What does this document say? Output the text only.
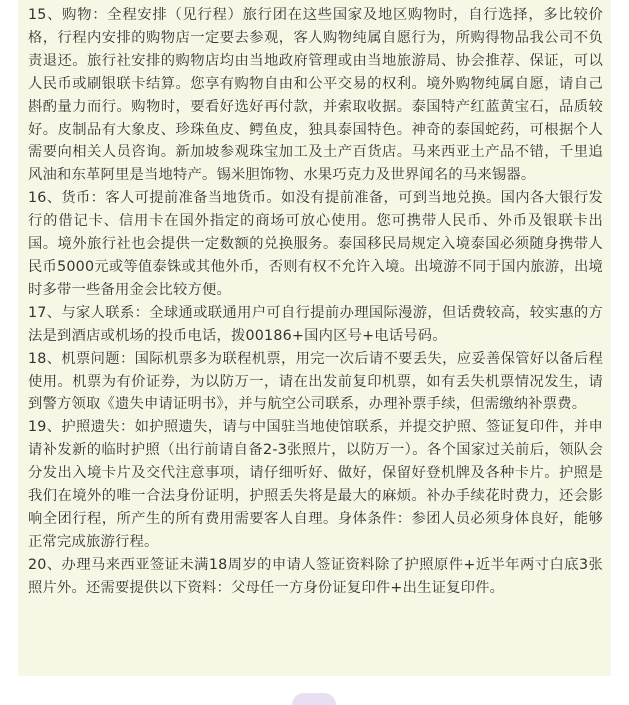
15、购物：全程安排（见行程）旅行团在这些国家及地区购物时，自行选择，多比较价格，行程内安排的购物店一定要去参观，客人购物纯属自愿行为，所购得物品我公司不负责退还。旅行社安排的购物店均由当地政府管理或由当地旅游局、协会推荐、保证，可以人民币或刷银联卡结算。您享有购物自由和公平交易的权利。境外购物纯属自愿，请自己斟酌量力而行。购物时，要看好选好再付款，并索取收据。泰国特产红蓝黄宝石，品质较好。皮制品有大象皮、珍珠鱼皮、鳄鱼皮，独具泰国特色。神奇的泰国蛇药，可根据个人需要向相关人员咨询。新加坡参观珠宝加工及土产百货店。马来西亚土产品不错，千里追风油和东革阿里是当地特产。锡米胆饰物、水果巧克力及世界闻名的马来锡器。

16、货币：客人可提前准备当地货币。如没有提前准备，可到当地兑换。国内各大银行发行的借记卡、信用卡在国外指定的商场可放心使用。您可携带人民币、外币及银联卡出国。境外旅行社也会提供一定数额的兑换服务。泰国移民局规定入境泰国必须随身携带人民币5000元或等值泰铢或其他外币，否则有权不允许入境。出境游不同于国内旅游，出境时多带一些备用金会比较方便。

17、与家人联系：全球通或联通用户可自行提前办理国际漫游，但话费较高，较实惠的方法是到酒店或机场的投币电话，拨00186+国内区号+电话号码。

18、机票问题：国际机票多为联程机票，用完一次后请不要丢失，应妥善保管好以备后程使用。机票为有价证券，为以防万一，请在出发前复印机票，如有丢失机票情况发生，请到警方领取《遗失申请证明书》，并与航空公司联系，办理补票手续，但需缴纳补票费。

19、护照遗失：如护照遗失，请与中国驻当地使馆联系，并提交护照、签证复印件，并申请补发新的临时护照（出行前请自备2-3张照片，以防万一）。各个国家过关前后，领队会分发出入境卡片及交代注意事项，请仔细听好、做好，保留好登机牌及各种卡片。护照是我们在境外的唯一合法身份证明，护照丢失将是最大的麻烦。补办手续花时费力，还会影响全团行程，所产生的所有费用需要客人自理。身体条件：参团人员必须身体良好，能够正常完成旅游行程。

20、办理马来西亚签证未满18周岁的申请人签证资料除了护照原件+近半年两寸白底3张照片外。还需要提供以下资料：父母任一方身份证复印件+出生证复印件。
